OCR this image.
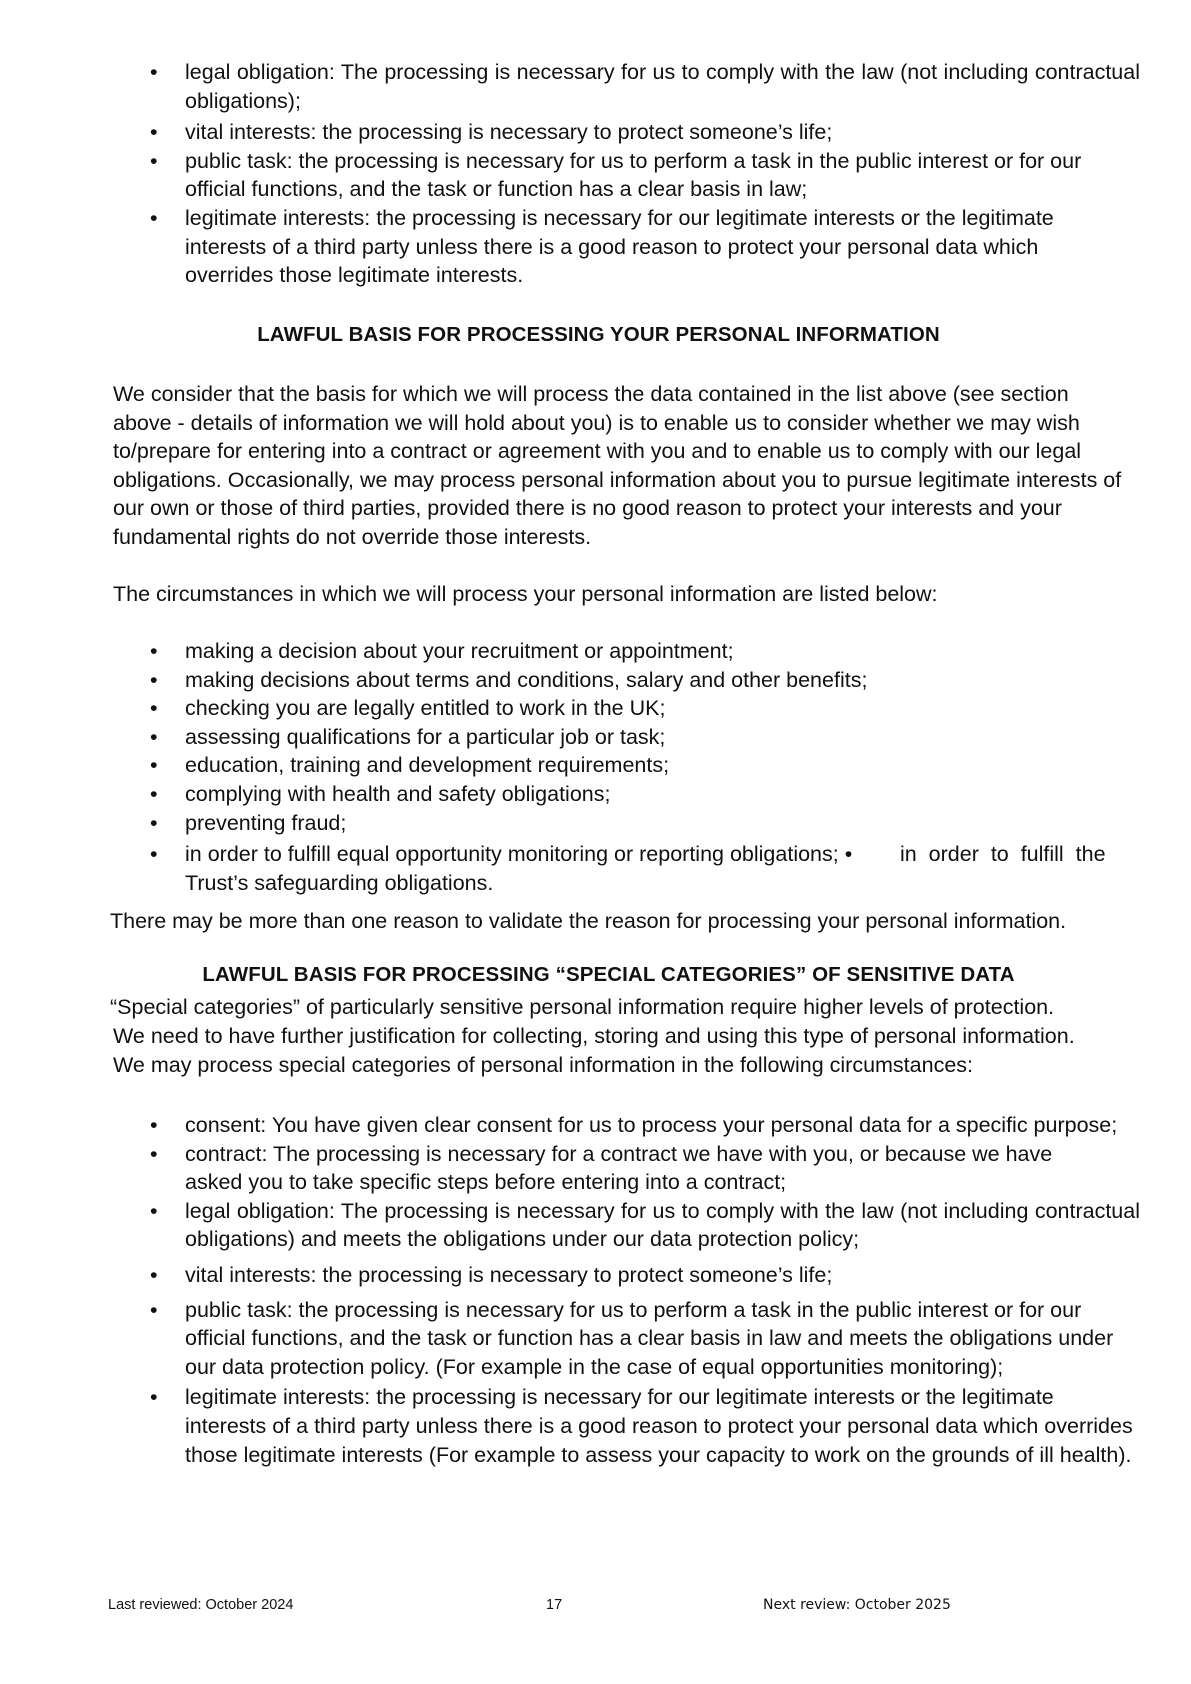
• legal obligation: The processing is necessary for us to comply with the law (not including contractual obligations);
• vital interests: the processing is necessary to protect someone’s life;
• public task: the processing is necessary for us to perform a task in the public interest or for our official functions, and the task or function has a clear basis in law;
• legitimate interests: the processing is necessary for our legitimate interests or the legitimate interests of a third party unless there is a good reason to protect your personal data which overrides those legitimate interests.
LAWFUL BASIS FOR PROCESSING YOUR PERSONAL INFORMATION
We consider that the basis for which we will process the data contained in the list above (see section above - details of information we will hold about you) is to enable us to consider whether we may wish to/prepare for entering into a contract or agreement with you and to enable us to comply with our legal obligations. Occasionally, we may process personal information about you to pursue legitimate interests of our own or those of third parties, provided there is no good reason to protect your interests and your fundamental rights do not override those interests.
The circumstances in which we will process your personal information are listed below:
• making a decision about your recruitment or appointment;
• making decisions about terms and conditions, salary and other benefits;
• checking you are legally entitled to work in the UK;
• assessing qualifications for a particular job or task;
• education, training and development requirements;
• complying with health and safety obligations;
• preventing fraud;
• in order to fulfill equal opportunity monitoring or reporting obligations; • in  order  to  fulfill  the
Trust’s safeguarding obligations.
There may be more than one reason to validate the reason for processing your personal information.
LAWFUL BASIS FOR PROCESSING “SPECIAL CATEGORIES” OF SENSITIVE DATA
“Special categories” of particularly sensitive personal information require higher levels of protection.
We need to have further justification for collecting, storing and using this type of personal information.
We may process special categories of personal information in the following circumstances:
• consent: You have given clear consent for us to process your personal data for a specific purpose;
• contract: The processing is necessary for a contract we have with you, or because we have asked you to take specific steps before entering into a contract;
• legal obligation: The processing is necessary for us to comply with the law (not including contractual obligations) and meets the obligations under our data protection policy;
• vital interests: the processing is necessary to protect someone’s life;
• public task: the processing is necessary for us to perform a task in the public interest or for our official functions, and the task or function has a clear basis in law and meets the obligations under our data protection policy. (For example in the case of equal opportunities monitoring);
• legitimate interests: the processing is necessary for our legitimate interests or the legitimate interests of a third party unless there is a good reason to protect your personal data which overrides those legitimate interests (For example to assess your capacity to work on the grounds of ill health).
Last reviewed: October 2024	17	Next review: October 2025
